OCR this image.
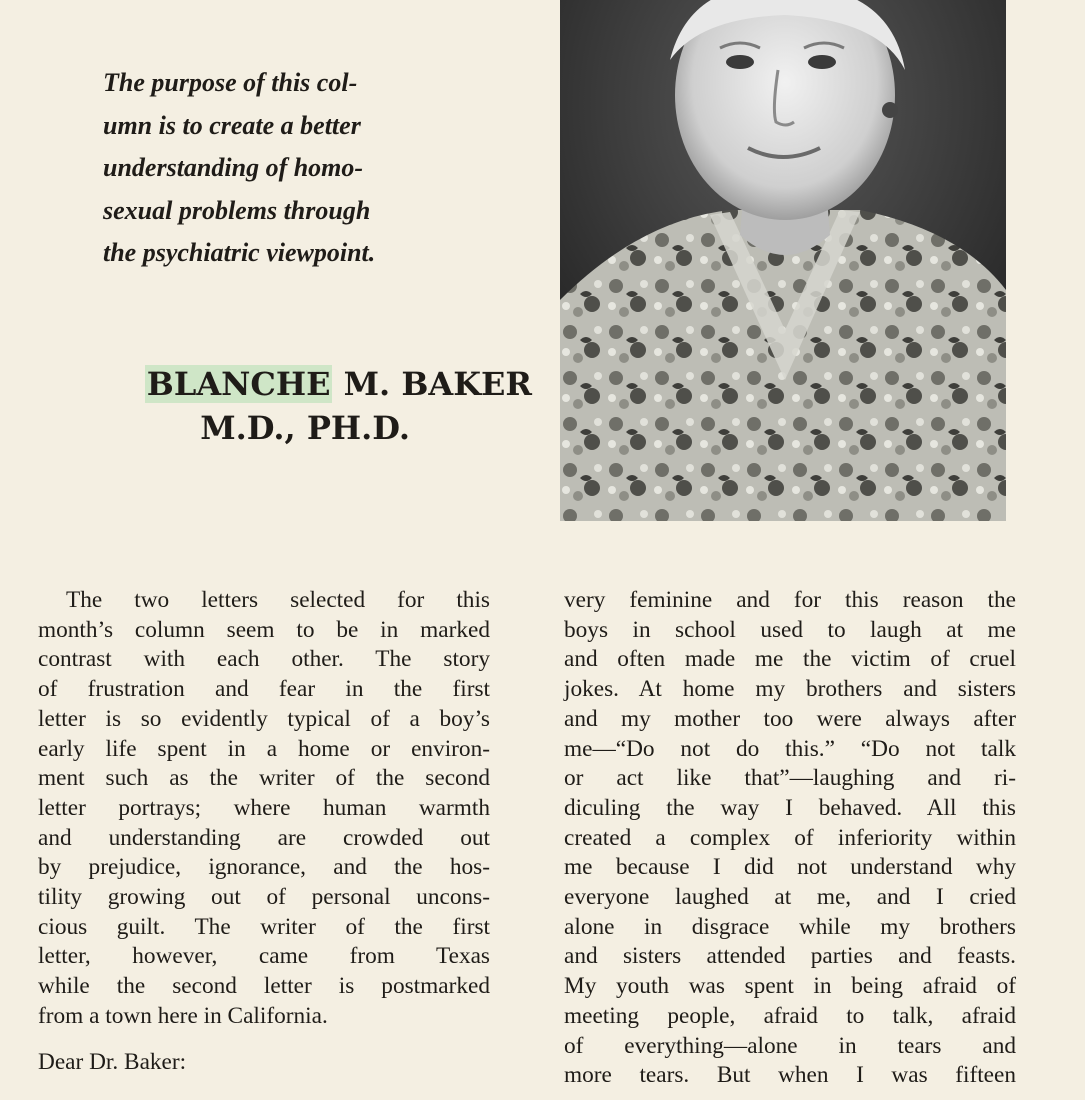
The purpose of this col-
umn is to create a better
understanding of homo-
sexual problems through
the psychiatric viewpoint.
BLANCHE M. BAKER
M.D., PH.D.
The two letters selected for this
month’s column seem to be in marked
contrast with each other. The story
of frustration and fear in the first
letter is so evidently typical of a boy’s
early life spent in a home or environ-
ment such as the writer of the second
letter portrays; where human warmth
and understanding are crowded out
by prejudice, ignorance, and the hos-
tility growing out of personal uncons-
cious guilt. The writer of the first
letter, however, came from Texas
while the second letter is postmarked
from a town here in California.
Dear Dr. Baker:
very feminine and for this reason the
boys in school used to laugh at me
and often made me the victim of cruel
jokes. At home my brothers and sisters
and my mother too were always after
me—“Do not do this.” “Do not talk
or act like that”—laughing and ri-
diculing the way I behaved. All this
created a complex of inferiority within
me because I did not understand why
everyone laughed at me, and I cried
alone in disgrace while my brothers
and sisters attended parties and feasts.
My youth was spent in being afraid of
meeting people, afraid to talk, afraid
of everything—alone in tears and
more tears. But when I was fifteen
